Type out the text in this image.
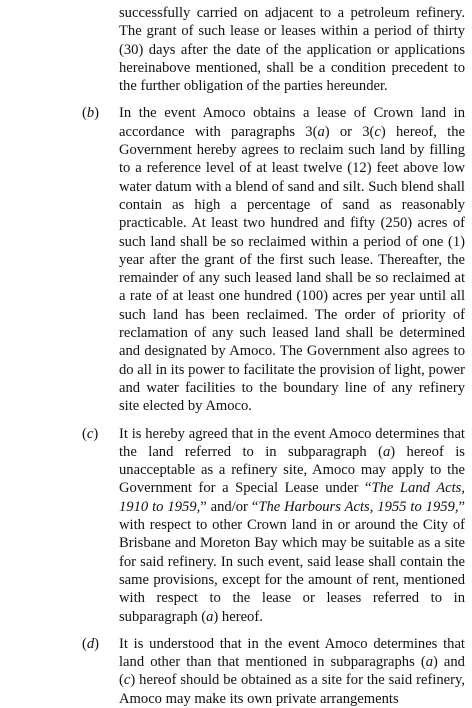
successfully carried on adjacent to a petroleum refinery. The grant of such lease or leases within a period of thirty (30) days after the date of the application or applications hereinabove mentioned, shall be a condition precedent to the further obligation of the parties hereunder.

(b) In the event Amoco obtains a lease of Crown land in accordance with paragraphs 3(a) or 3(c) hereof, the Government hereby agrees to reclaim such land by filling to a reference level of at least twelve (12) feet above low water datum with a blend of sand and silt. Such blend shall contain as high a percentage of sand as reasonably practicable. At least two hundred and fifty (250) acres of such land shall be so reclaimed within a period of one (1) year after the grant of the first such lease. Thereafter, the remainder of any such leased land shall be so reclaimed at a rate of at least one hundred (100) acres per year until all such land has been reclaimed. The order of priority of reclamation of any such leased land shall be determined and designated by Amoco. The Government also agrees to do all in its power to facilitate the provision of light, power and water facilities to the boundary line of any refinery site elected by Amoco.

(c) It is hereby agreed that in the event Amoco determines that the land referred to in subparagraph (a) hereof is unacceptable as a refinery site, Amoco may apply to the Government for a Special Lease under “The Land Acts, 1910 to 1959,” and/or “The Harbours Acts, 1955 to 1959,” with respect to other Crown land in or around the City of Brisbane and Moreton Bay which may be suitable as a site for said refinery. In such event, said lease shall contain the same provisions, except for the amount of rent, mentioned with respect to the lease or leases referred to in subparagraph (a) hereof.

(d) It is understood that in the event Amoco determines that land other than that mentioned in subparagraphs (a) and (c) hereof should be obtained as a site for the said refinery, Amoco may make its own private arrangements
